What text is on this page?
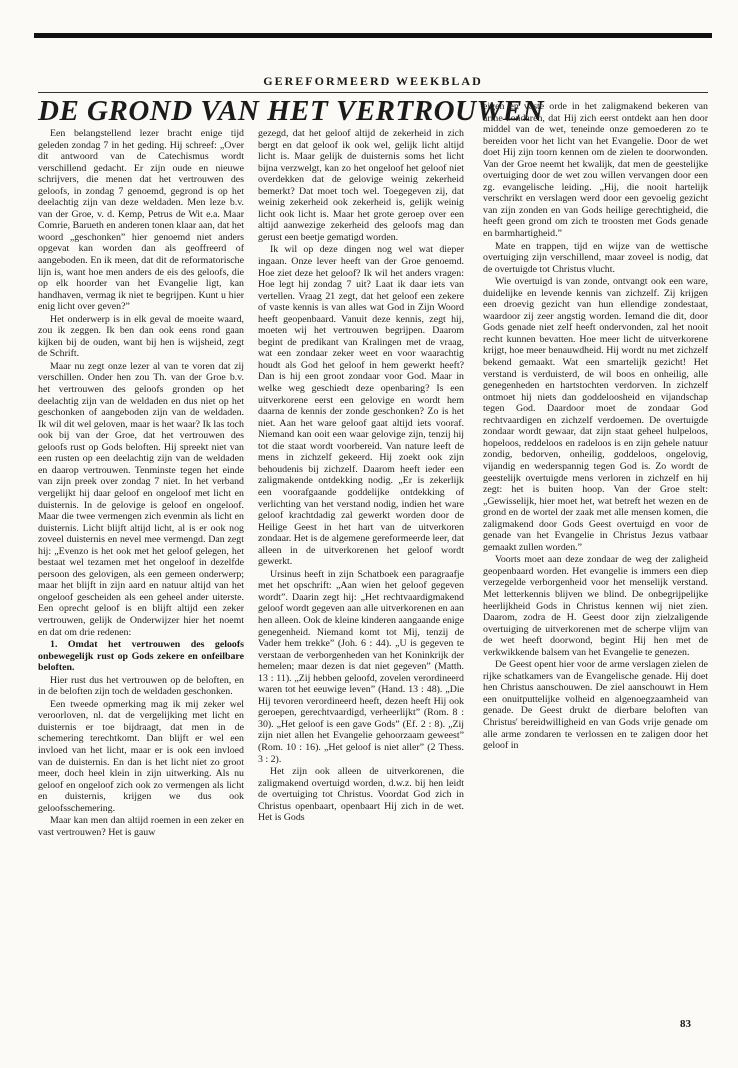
GEREFORMEERD WEEKBLAD
DE GROND VAN HET VERTROUWEN

Een belangstellend lezer bracht enige tijd geleden zondag 7 in het geding. Hij schreef: „Over dit antwoord van de Catechismus wordt verschillend gedacht. Er zijn oude en nieuwe schrijvers, die menen dat het vertrouwen des geloofs, in zondag 7 genoemd, gegrond is op het deelachtig zijn van deze weldaden. Men leze b.v. van der Groe, v. d. Kemp, Petrus de Wit e.a. Maar Comrie, Barueth en anderen tonen klaar aan, dat het woord „geschonken” hier genoemd niet anders opgevat kan worden dan als geoffreerd of aangeboden. En ik meen, dat dit de reformatorische lijn is, want hoe men anders de eis des geloofs, die op elk hoorder van het Evangelie ligt, kan handhaven, vermag ik niet te begrijpen. Kunt u hier enig licht over geven?”

Het onderwerp is in elk geval de moeite waard, zou ik zeggen. Ik ben dan ook eens rond gaan kijken bij de ouden, want bij hen is wijsheid, zegt de Schrift.

Maar nu zegt onze lezer al van te voren dat zij verschillen. Onder hen zou Th. van der Groe b.v. het vertrouwen des geloofs gronden op het deelachtig zijn van de weldaden en dus niet op het geschonken of aangeboden zijn van de weldaden. Ik wil dit wel geloven, maar is het waar? Ik las toch ook bij van der Groe, dat het vertrouwen des geloofs rust op Gods beloften. Hij spreekt niet van een rusten op een deelachtig zijn van de weldaden en daarop vertrouwen. Tenminste tegen het einde van zijn preek over zondag 7 niet. In het verband vergelijkt hij daar geloof en ongeloof met licht en duisternis. In de gelovige is geloof en ongeloof. Maar die twee vermengen zich evenmin als licht en duisternis. Licht blijft altijd licht, al is er ook nog zoveel duisternis en nevel mee vermengd. Dan zegt hij: „Evenzo is het ook met het geloof gelegen, het bestaat wel tezamen met het ongeloof in dezelfde persoon des gelovigen, als een gemeen onderwerp; maar het blijft in zijn aard en natuur altijd van het ongeloof gescheiden als een geheel ander uiterste. Een oprecht geloof is en blijft altijd een zeker vertrouwen, gelijk de Onderwijzer hier het noemt en dat om drie redenen:

1. Omdat het vertrouwen des geloofs onbewegelijk rust op Gods zekere en onfeilbare beloften.

Hier rust dus het vertrouwen op de beloften, en in de beloften zijn toch de weldaden geschonken.

Een tweede opmerking mag ik mij zeker wel veroorloven, nl. dat de vergelijking met licht en duisternis er toe bijdraagt, dat men in de schemering terechtkomt. Dan blijft er wel een invloed van het licht, maar er is ook een invloed van de duisternis. En dan is het licht niet zo groot meer, doch heel klein in zijn uitwerking. Als nu geloof en ongeloof zich ook zo vermengen als licht en duisternis, krijgen we dus ook geloofsschemering.

Maar kan men dan altijd roemen in een zeker en vast vertrouwen? Het is gauw

gezegd, dat het geloof altijd de zekerheid in zich bergt en dat geloof ik ook wel, gelijk licht altijd licht is. Maar gelijk de duisternis soms het licht bijna verzwelgt, kan zo het ongeloof het geloof niet overdekken dat de gelovige weinig zekerheid bemerkt? Dat moet toch wel. Toegegeven zij, dat weinig zekerheid ook zekerheid is, gelijk weinig licht ook licht is. Maar het grote geroep over een altijd aanwezige zekerheid des geloofs mag dan gerust een beetje gematigd worden.

Ik wil op deze dingen nog wel wat dieper ingaan. Onze lever heeft van der Groe genoemd. Hoe ziet deze het geloof? Ik wil het anders vragen: Hoe legt hij zondag 7 uit? Laat ik daar iets van vertellen. Vraag 21 zegt, dat het geloof een zekere of vaste kennis is van alles wat God in Zijn Woord heeft geopenbaard. Vanuit deze kennis, zegt hij, moeten wij het vertrouwen begrijpen. Daarom begint de predikant van Kralingen met de vraag, wat een zondaar zeker weet en voor waarachtig houdt als God het geloof in hem gewerkt heeft? Dan is hij een groot zondaar voor God. Maar in welke weg geschiedt deze openbaring? Is een uitverkorene eerst een gelovige en wordt hem daarna de kennis der zonde geschonken? Zo is het niet. Aan het ware geloof gaat altijd iets vooraf. Niemand kan ooit een waar gelovige zijn, tenzij hij tot die staat wordt voorbereid. Van nature leeft de mens in zichzelf gekeerd. Hij zoekt ook zijn behoudenis bij zichzelf. Daarom heeft ieder een zaligmakende ontdekking nodig. „Er is zekerlijk een voorafgaande goddelijke ontdekking of verlichting van het verstand nodig, indien het ware geloof krachtdadig zal gewerkt worden door de Heilige Geest in het hart van de uitverkoren zondaar. Het is de algemene gereformeerde leer, dat alleen in de uitverkorenen het geloof wordt gewerkt.

Ursinus heeft in zijn Schatboek een paragraafje met het opschrift: „Aan wien het geloof gegeven wordt”. Daarin zegt hij: „Het rechtvaardigmakend geloof wordt gegeven aan alle uitverkorenen en aan hen alleen. Ook de kleine kinderen aangaande enige genegenheid. Niemand komt tot Mij, tenzij de Vader hem trekke” (Joh. 6 : 44). „U is gegeven te verstaan de verborgenheden van het Koninkrijk der hemelen; maar dezen is dat niet gegeven” (Matth. 13 : 11). „Zij hebben geloofd, zovelen verordineerd waren tot het eeuwige leven” (Hand. 13 : 48). „Die Hij tevoren verordineerd heeft, dezen heeft Hij ook geroepen, gerechtvaardigd, verheerlijkt” (Rom. 8 : 30). „Het geloof is een gave Gods” (Ef. 2 : 8). „Zij zijn niet allen het Evangelie gehoorzaam geweest” (Rom. 10 : 16). „Het geloof is niet aller” (2 Thess. 3 : 2).

Het zijn ook alleen de uitverkorenen, die zaligmakend overtuigd worden, d.w.z. bij hen leidt de overtuiging tot Christus. Voordat God zich in Christus openbaart, openbaart Hij zich in de wet. Het is Gods

eigen en vaste orde in het zaligmakend bekeren van arme zondaren, dat Hij zich eerst ontdekt aan hen door middel van de wet, teneinde onze gemoederen zo te bereiden voor het licht van het Evangelie. Door de wet doet Hij zijn toorn kennen om de zielen te doorwonden. Van der Groe neemt het kwalijk, dat men de geestelijke overtuiging door de wet zou willen vervangen door een zg. evangelische leiding. „Hij, die nooit hartelijk verschrikt en verslagen werd door een gevoelig gezicht van zijn zonden en van Gods heilige gerechtigheid, die heeft geen grond om zich te troosten met Gods genade en barmhartigheid.”

Mate en trappen, tijd en wijze van de wettische overtuiging zijn verschillend, maar zoveel is nodig, dat de overtuigde tot Christus vlucht.

Wie overtuigd is van zonde, ontvangt ook een ware, duidelijke en levende kennis van zichzelf. Zij krijgen een droevig gezicht van hun ellendige zondestaat, waardoor zij zeer angstig worden. Iemand die dit, door Gods genade niet zelf heeft ondervonden, zal het nooit recht kunnen bevatten. Hoe meer licht de uitverkorene krijgt, hoe meer benauwdheid. Hij wordt nu met zichzelf bekend gemaakt. Wat een smartelijk gezicht! Het verstand is verduisterd, de wil boos en onheilig, alle genegenheden en hartstochten verdorven. In zichzelf ontmoet hij niets dan goddeloosheid en vijandschap tegen God. Daardoor moet de zondaar God rechtvaardigen en zichzelf verdoemen. De overtuigde zondaar wordt gewaar, dat zijn staat geheel hulpeloos, hopeloos, reddeloos en radeloos is en zijn gehele natuur zondig, bedorven, onheilig, goddeloos, ongelovig, vijandig en wederspannig tegen God is. Zo wordt de geestelijk overtuigde mens verloren in zichzelf en hij zegt: het is buiten hoop. Van der Groe stelt: „Gewisselijk, hier moet het, wat betreft het wezen en de grond en de wortel der zaak met alle mensen komen, die zaligmakend door Gods Geest overtuigd en voor de genade van het Evangelie in Christus Jezus vatbaar gemaakt zullen worden.”

Voorts moet aan deze zondaar de weg der zaligheid geopenbaard worden. Het evangelie is immers een diep verzegelde verborgenheid voor het menselijk verstand. Met letterkennis blijven we blind. De onbegrijpelijke heerlijkheid Gods in Christus kennen wij niet zien. Daarom, zodra de H. Geest door zijn zielzaligende overtuiging de uitverkorenen met de scherpe vlijm van de wet heeft doorwond, begint Hij hen met de verkwikkende balsem van het Evangelie te genezen.

De Geest opent hier voor de arme verslagen zielen de rijke schatkamers van de Evangelische genade. Hij doet hen Christus aanschouwen. De ziel aanschouwt in Hem een onuitputtelijke volheid en algenoegzaamheid van genade. De Geest drukt de dierbare beloften van Christus' bereidwilligheid en van Gods vrije genade om alle arme zondaren te verlossen en te zaligen door het geloof in

83
